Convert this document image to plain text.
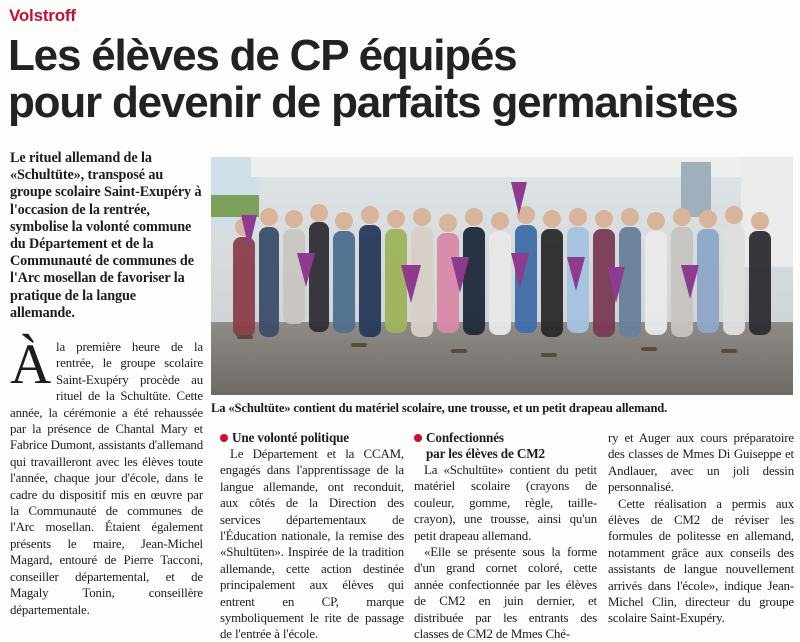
Volstroff
Les élèves de CP équipés
pour devenir de parfaits germanistes

Le rituel allemand de la «Schultüte», transposé au groupe scolaire Saint-Exupéry à l'occasion de la rentrée, symbolise la volonté commune du Département et de la Communauté de communes de l'Arc mosellan de favoriser la pratique de la langue allemande.

La «Schultüte» contient du matériel scolaire, une trousse, et un petit drapeau allemand.

Àla première heure de la rentrée, le groupe scolaire Saint-Exupéry procède au rituel de la Schultüte. Cette année, la cérémonie a été rehaussée par la présence de Chantal Mary et Fabrice Dumont, assistants d'allemand qui travailleront avec les élèves toute l'année, chaque jour d'école, dans le cadre du dispositif mis en œuvre par la Communauté de communes de l'Arc mosellan. Étaient également présents le maire, Jean-Michel Magard, entouré de Pierre Tacconi, conseiller départemental, et de Magaly Tonin, conseillère départementale.

Une volonté politique

Le Département et la CCAM, engagés dans l'apprentissage de la langue allemande, ont reconduit, aux côtés de la Direction des services départementaux de l'Éducation nationale, la remise des «Shultüten». Inspirée de la tradition allemande, cette action destinée principalement aux élèves qui entrent en CP, marque symboliquement le rite de passage de l'entrée à l'école.

Confectionnés
par les élèves de CM2

La «Schultüte» contient du petit matériel scolaire (crayons de couleur, gomme, règle, taille-crayon), une trousse, ainsi qu'un petit drapeau allemand.

«Elle se présente sous la forme d'un grand cornet coloré, cette année confectionnée par les élèves de CM2 en juin dernier, et distribuée par les entrants des classes de CM2 de Mmes Ché-

ry et Auger aux cours préparatoire des classes de Mmes Di Guiseppe et Andlauer, avec un joli dessin personnalisé.

Cette réalisation a permis aux élèves de CM2 de réviser les formules de politesse en allemand, notamment grâce aux conseils des assistants de langue nouvellement arrivés dans l'école», indique Jean-Michel Clin, directeur du groupe scolaire Saint-Exupéry.
